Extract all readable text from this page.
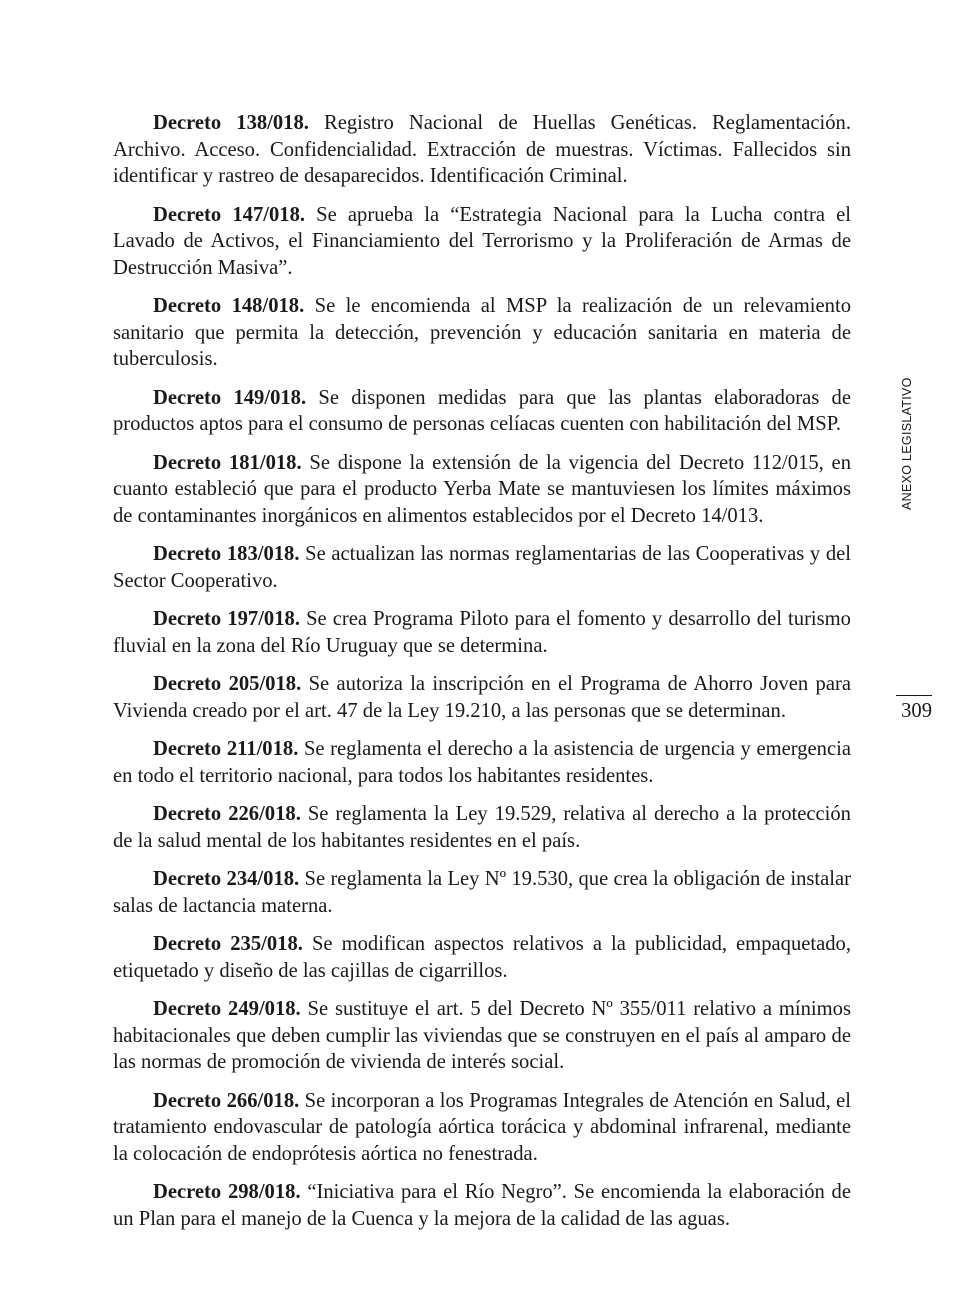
Decreto 138/018. Registro Nacional de Huellas Genéticas. Reglamentación. Archivo. Acceso. Confidencialidad. Extracción de muestras. Víctimas. Fallecidos sin identificar y rastreo de desaparecidos. Identificación Criminal.

Decreto 147/018. Se aprueba la “Estrategia Nacional para la Lucha contra el Lavado de Activos, el Financiamiento del Terrorismo y la Proliferación de Armas de Destrucción Masiva”.

Decreto 148/018. Se le encomienda al MSP la realización de un relevamiento sanitario que permita la detección, prevención y educación sanitaria en materia de tuberculosis.

Decreto 149/018. Se disponen medidas para que las plantas elaboradoras de productos aptos para el consumo de personas celíacas cuenten con habilitación del MSP.

Decreto 181/018. Se dispone la extensión de la vigencia del Decreto 112/015, en cuanto estableció que para el producto Yerba Mate se mantuviesen los límites máximos de contaminantes inorgánicos en alimentos establecidos por el Decreto 14/013.

Decreto 183/018. Se actualizan las normas reglamentarias de las Cooperativas y del Sector Cooperativo.

Decreto 197/018. Se crea Programa Piloto para el fomento y desarrollo del turismo fluvial en la zona del Río Uruguay que se determina.

Decreto 205/018. Se autoriza la inscripción en el Programa de Ahorro Joven para Vivienda creado por el art. 47 de la Ley 19.210, a las personas que se determinan.

Decreto 211/018. Se reglamenta el derecho a la asistencia de urgencia y emergencia en todo el territorio nacional, para todos los habitantes residentes.

Decreto 226/018. Se reglamenta la Ley 19.529, relativa al derecho a la protección de la salud mental de los habitantes residentes en el país.

Decreto 234/018. Se reglamenta la Ley Nº 19.530, que crea la obligación de instalar salas de lactancia materna.

Decreto 235/018. Se modifican aspectos relativos a la publicidad, empaquetado, etiquetado y diseño de las cajillas de cigarrillos.

Decreto 249/018. Se sustituye el art. 5 del Decreto Nº 355/011 relativo a mínimos habitacionales que deben cumplir las viviendas que se construyen en el país al amparo de las normas de promoción de vivienda de interés social.

Decreto 266/018. Se incorporan a los Programas Integrales de Atención en Salud, el tratamiento endovascular de patología aórtica torácica y abdominal infrarenal, mediante la colocación de endoprótesis aórtica no fenestrada.

Decreto 298/018. “Iniciativa para el Río Negro”. Se encomienda la elaboración de un Plan para el manejo de la Cuenca y la mejora de la calidad de las aguas.

ANEXO LEGISLATIVO
309
